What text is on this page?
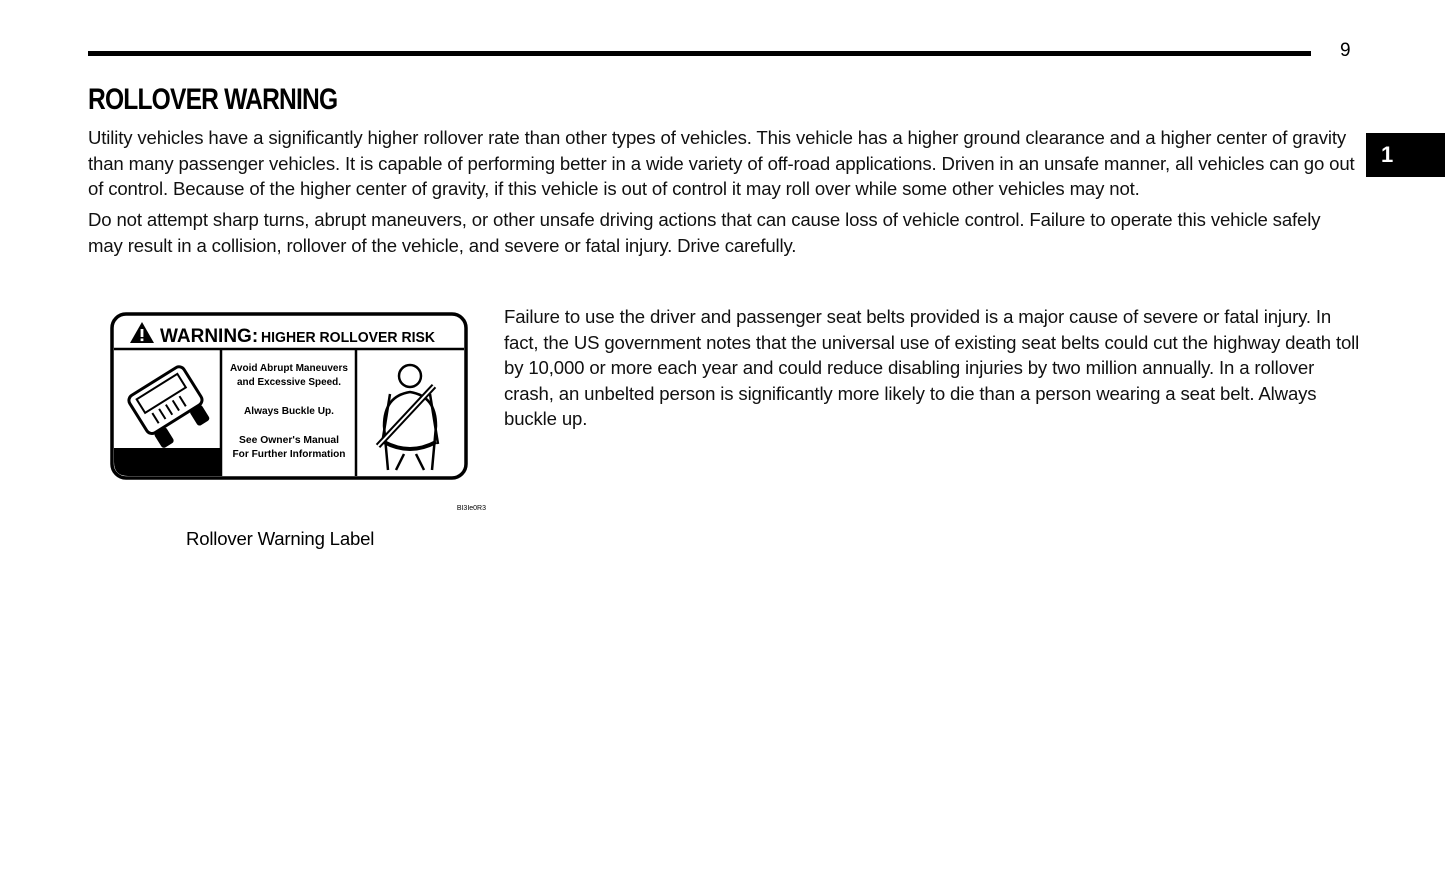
9
1
ROLLOVER WARNING

Utility vehicles have a significantly higher rollover rate than other types of vehicles. This vehicle has a higher ground clearance and a higher center of gravity than many passenger vehicles. It is capable of performing better in a wide variety of off-road applications. Driven in an unsafe manner, all vehicles can go out of control. Because of the higher center of gravity, if this vehicle is out of control it may roll over while some other vehicles may not.

Do not attempt sharp turns, abrupt maneuvers, or other unsafe driving actions that can cause loss of vehicle control. Failure to operate this vehicle safely may result in a collision, rollover of the vehicle, and severe or fatal injury. Drive carefully.

WARNING: HIGHER ROLLOVER RISK
Avoid Abrupt Maneuvers
and Excessive Speed.
Always Buckle Up.
See Owner's Manual
For Further Information
BI3Ie0R3
Rollover Warning Label

Failure to use the driver and passenger seat belts provided is a major cause of severe or fatal injury. In fact, the US government notes that the universal use of existing seat belts could cut the highway death toll by 10,000 or more each year and could reduce disabling injuries by two million annually. In a rollover crash, an unbelted person is significantly more likely to die than a person wearing a seat belt. Always buckle up.
